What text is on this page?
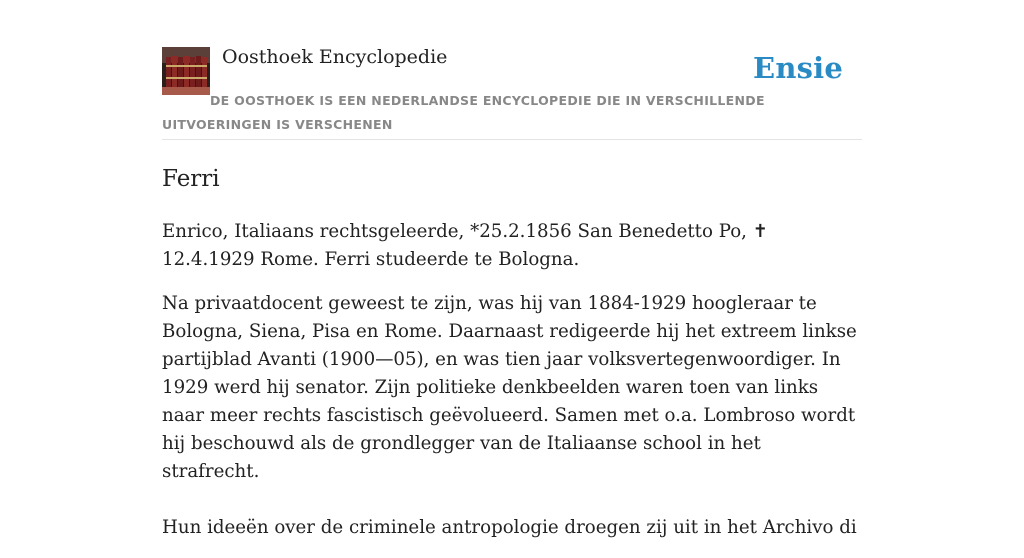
Oosthoek Encyclopedie	Ensie

DE OOSTHOEK IS EEN NEDERLANDSE ENCYCLOPEDIE DIE IN VERSCHILLENDE UITVOERINGEN IS VERSCHENEN

Ferri

Enrico, Italiaans rechtsgeleerde, *25.2.1856 San Benedetto Po, ✝ 12.4.1929 Rome. Ferri studeerde te Bologna.

Na privaatdocent geweest te zijn, was hij van 1884-1929 hoogleraar te Bologna, Siena, Pisa en Rome. Daarnaast redigeerde hij het extreem linkse partijblad Avanti (1900—05), en was tien jaar volksvertegenwoordiger. In 1929 werd hij senator. Zijn politieke denkbeelden waren toen van links naar meer rechts fascistisch geëvolueerd. Samen met o.a. Lombroso wordt hij beschouwd als de grondlegger van de Italiaanse school in het strafrecht.

Hun ideeën over de criminele antropologie droegen zij uit in het Archivo di
